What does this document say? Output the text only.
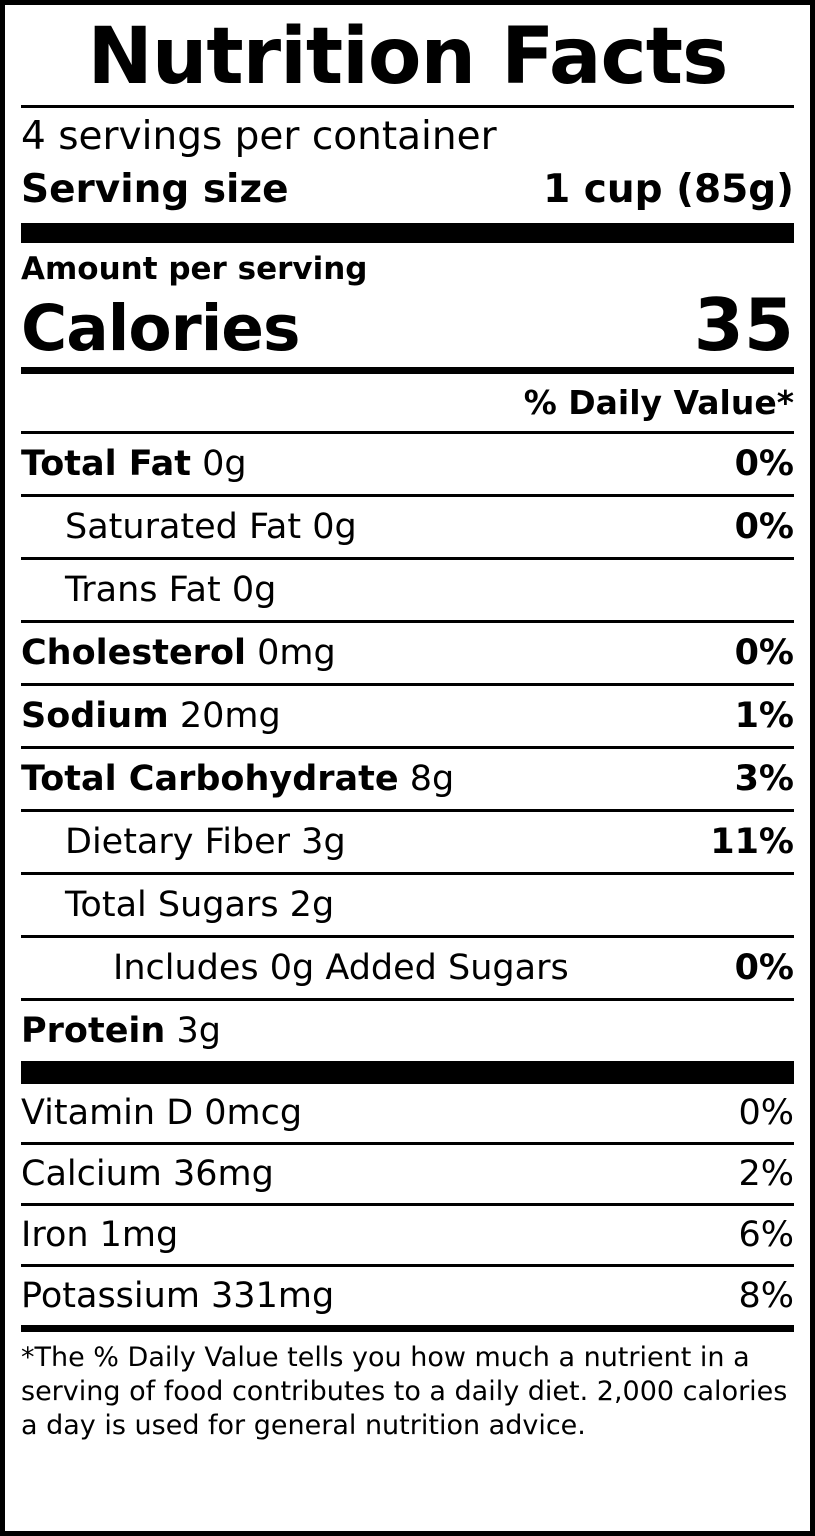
Nutrition Facts
4 servings per container
Serving size	1 cup (85g)
Amount per serving
Calories	35
% Daily Value*
Total Fat 0g	0%
Saturated Fat 0g	0%
Trans Fat 0g
Cholesterol 0mg	0%
Sodium 20mg	1%
Total Carbohydrate 8g	3%
Dietary Fiber 3g	11%
Total Sugars 2g
Includes 0g Added Sugars	0%
Protein 3g
Vitamin D 0mcg	0%
Calcium 36mg	2%
Iron 1mg	6%
Potassium 331mg	8%
*The % Daily Value tells you how much a nutrient in a serving of food contributes to a daily diet. 2,000 calories a day is used for general nutrition advice.
